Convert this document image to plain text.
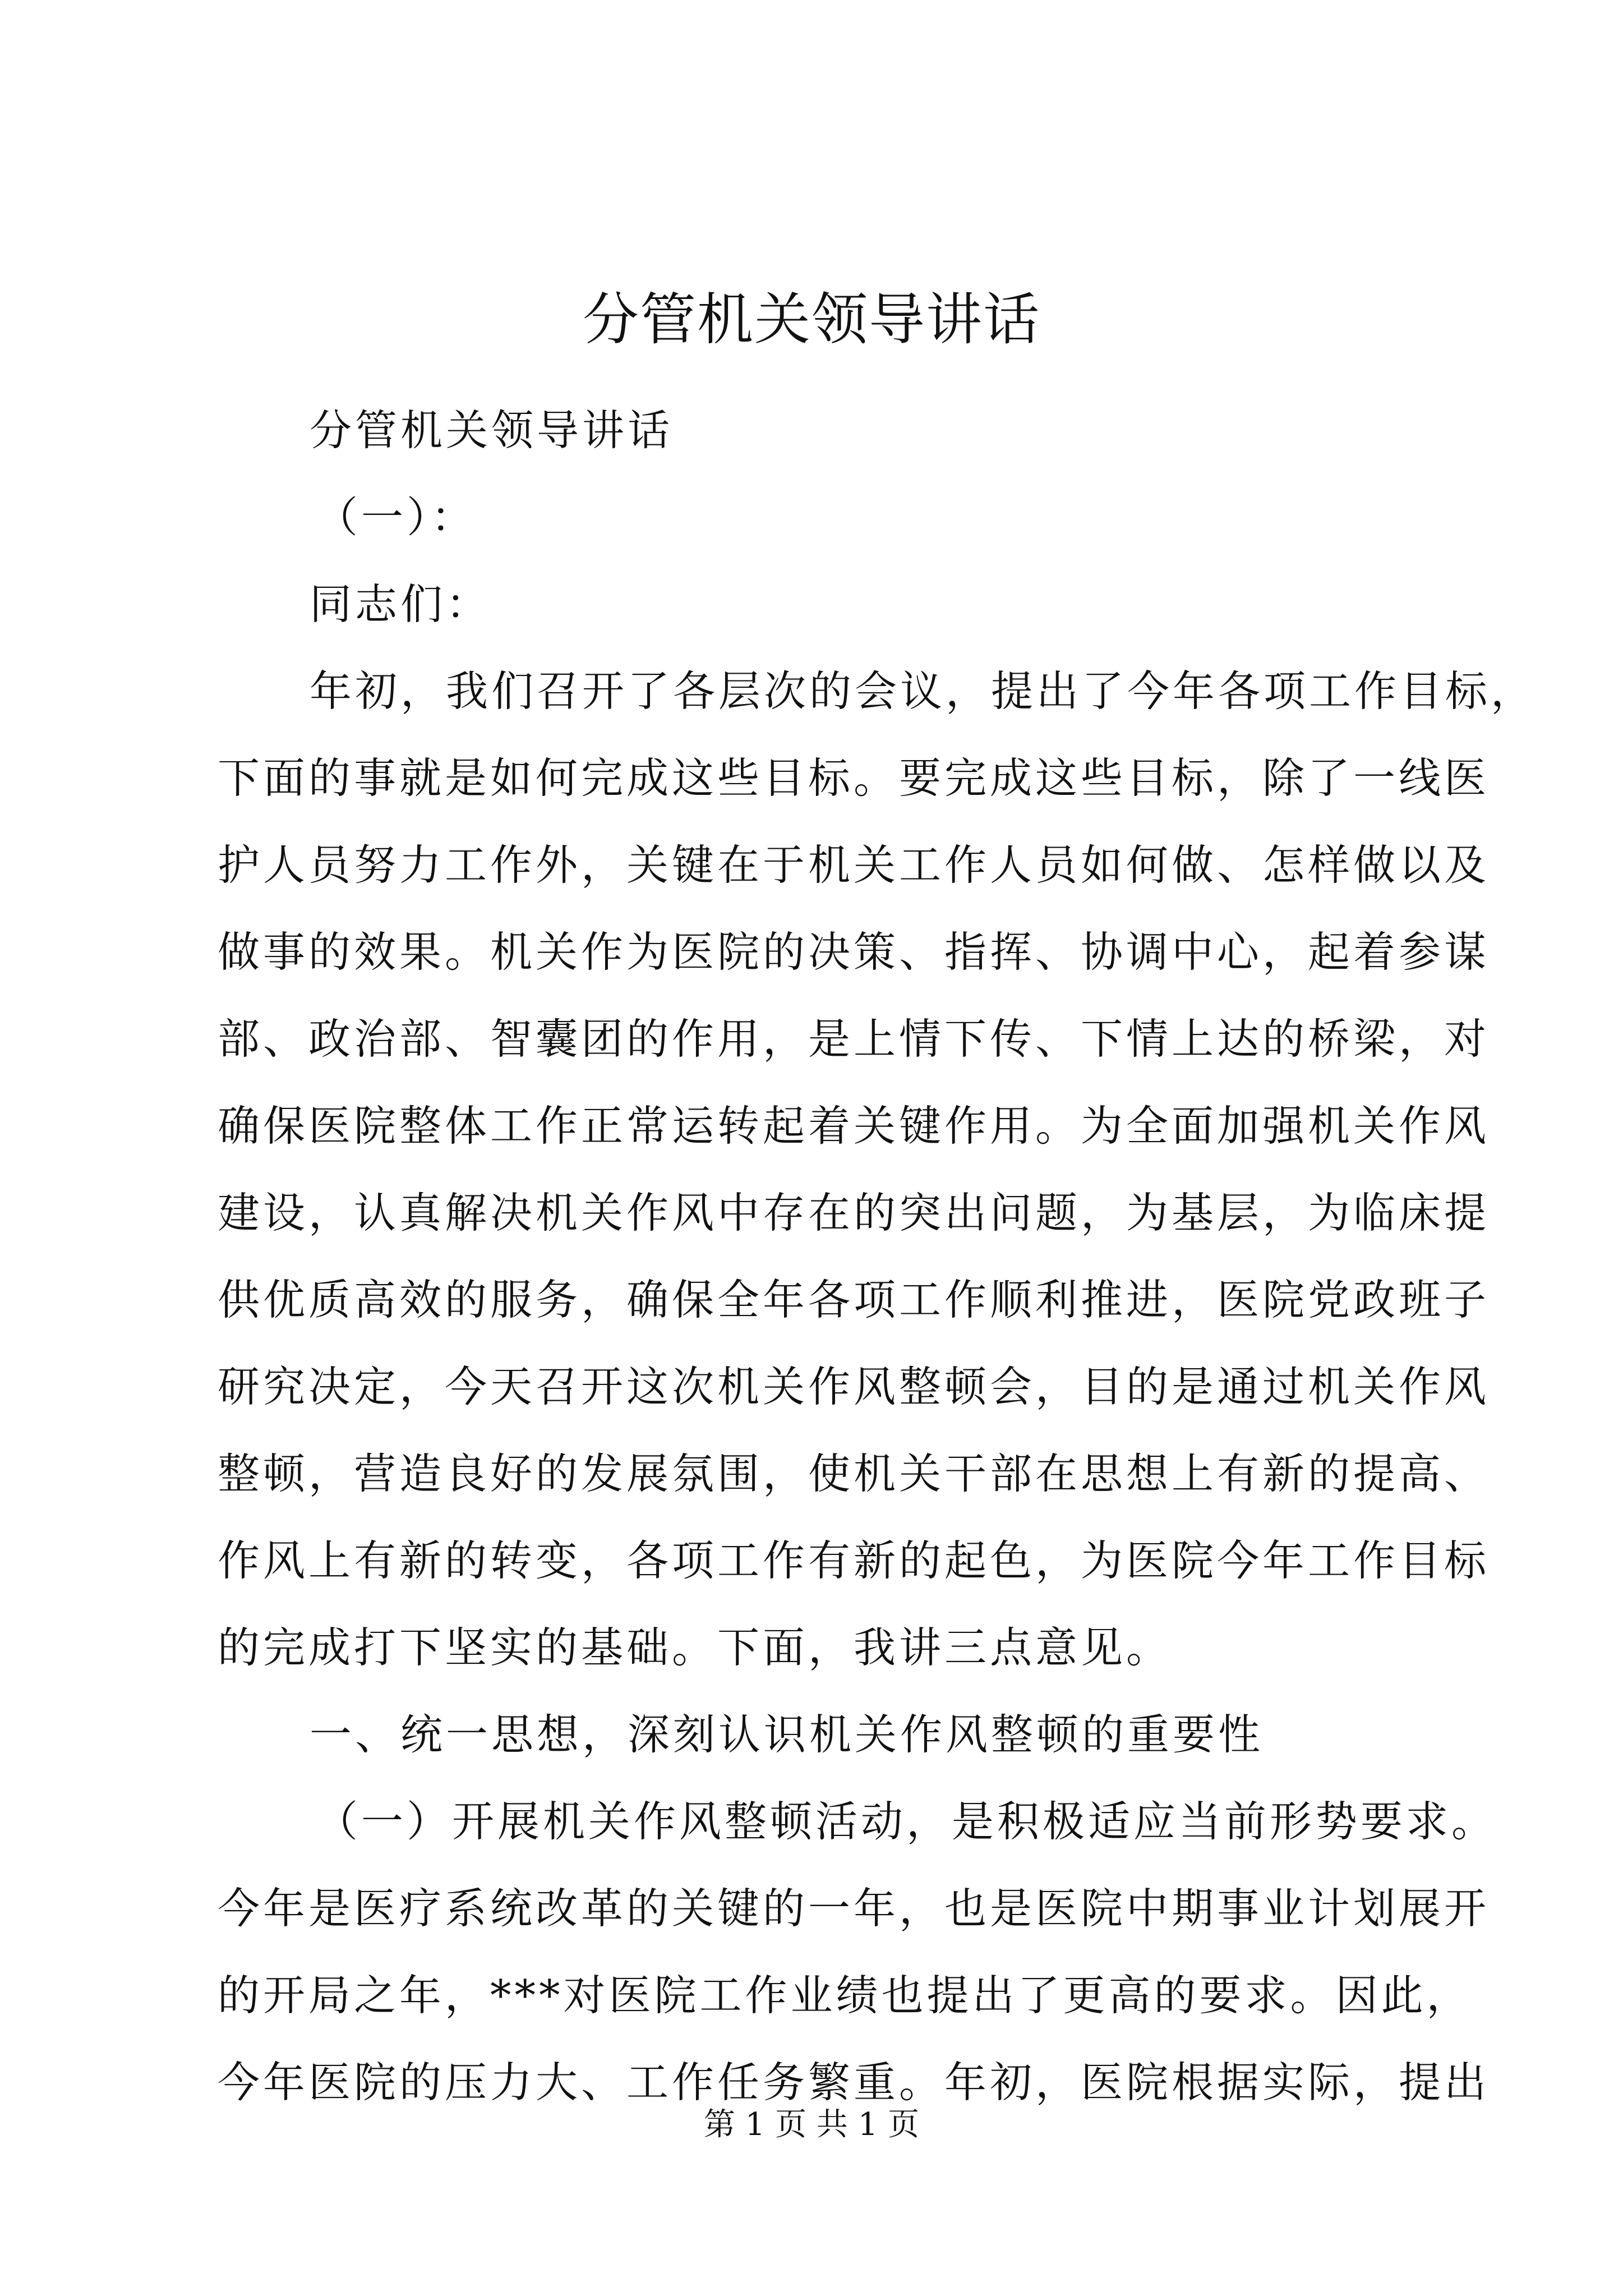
分管机关领导讲话

分管机关领导讲话

（一）：

同志们：

年初，我们召开了各层次的会议，提出了今年各项工作目标，

下面的事就是如何完成这些目标。要完成这些目标，除了一线医

护人员努力工作外，关键在于机关工作人员如何做、怎样做以及

做事的效果。机关作为医院的决策、指挥、协调中心，起着参谋

部、政治部、智囊团的作用，是上情下传、下情上达的桥梁，对

确保医院整体工作正常运转起着关键作用。为全面加强机关作风

建设，认真解决机关作风中存在的突出问题，为基层，为临床提

供优质高效的服务，确保全年各项工作顺利推进，医院党政班子

研究决定，今天召开这次机关作风整顿会，目的是通过机关作风

整顿，营造良好的发展氛围，使机关干部在思想上有新的提高、

作风上有新的转变，各项工作有新的起色，为医院今年工作目标

的完成打下坚实的基础。下面，我讲三点意见。

一、统一思想，深刻认识机关作风整顿的重要性

（一）开展机关作风整顿活动，是积极适应当前形势要求。

今年是医疗系统改革的关键的一年，也是医院中期事业计划展开

的开局之年，***对医院工作业绩也提出了更高的要求。因此，

今年医院的压力大、工作任务繁重。年初，医院根据实际，提出

第 1 页 共 1 页
